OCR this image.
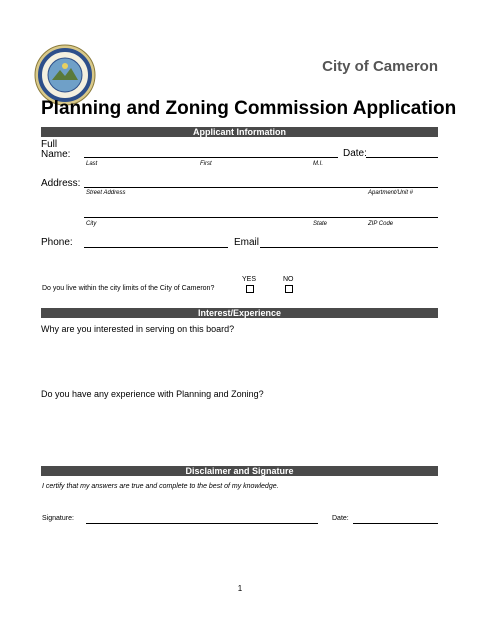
City of Cameron
Planning and Zoning Commission Application
Applicant Information
Full
Name:	Date:
Last	First	M.I.
Address:
Street Address	Apartment/Unit #
City	State	ZIP Code
Phone:	Email
YES	NO
Do you live within the city limits of the City of Cameron?
Interest/Experience
Why are you interested in serving on this board?
Do you have any experience with Planning and Zoning?
Disclaimer and Signature
I certify that my answers are true and complete to the best of my knowledge.
Signature:	Date:
1
